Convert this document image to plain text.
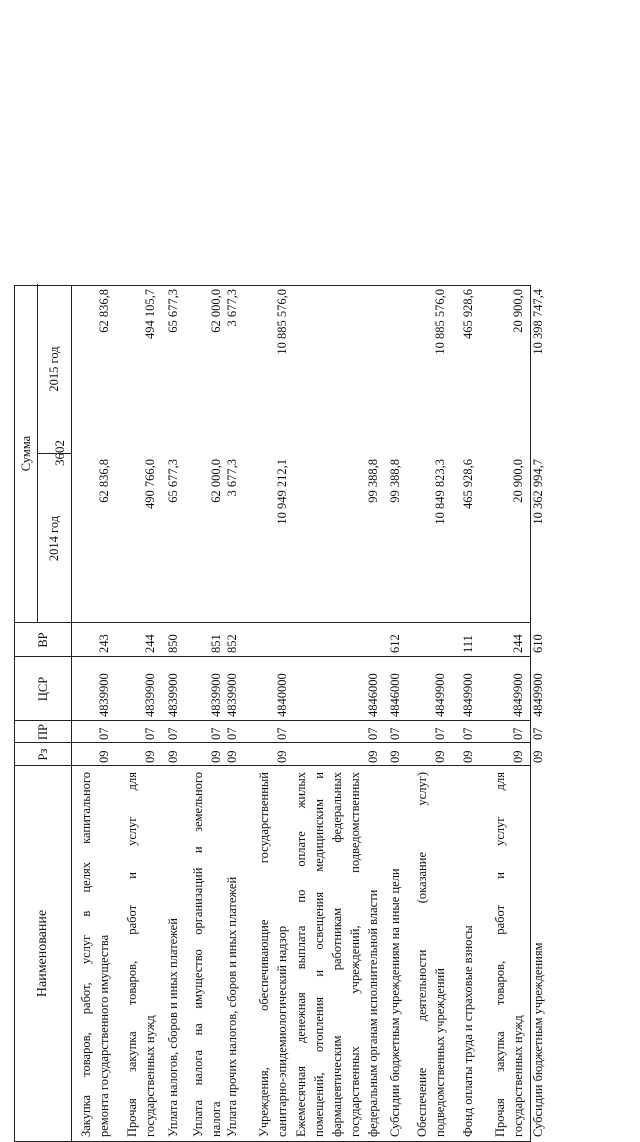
3602
Наименование
Рз
ПР
ЦСР
ВР
Сумма
2014 год
2015 год
Закупка товаров, работ, услуг в целях капитального ремонта государственного имущества
09
07
4839900
243
62 836,8
62 836,8
Прочая закупка товаров, работ и услуг для государственных нужд
09
07
4839900
244
490 766,0
494 105,7
Уплата налогов, сборов и иных платежей
09
07
4839900
850
65 677,3
65 677,3
Уплата налога на имущество организаций и земельного налога
09
07
4839900
851
62 000,0
62 000,0
Уплата прочих налогов, сборов и иных платежей
09
07
4839900
852
3 677,3
3 677,3
Учреждения, обеспечивающие государственный санитарно-эпидемиологический надзор
09
07
4840000
10 949 212,1
10 885 576,0
Ежемесячная денежная выплата по оплате жилых помещений, отопления и освещения медицинским и фармацевтическим работникам федеральных государственных учреждений, подведомственных федеральным органам исполнительной власти
09
07
4846000
99 388,8
Субсидии бюджетным учреждениям на иные цели
09
07
4846000
612
99 388,8
Обеспечение деятельности (оказание услуг) подведомственных учреждений
09
07
4849900
10 849 823,3
10 885 576,0
Фонд оплаты труда и страховые взносы
09
07
4849900
111
465 928,6
465 928,6
Прочая закупка товаров, работ и услуг для государственных нужд
09
07
4849900
244
20 900,0
20 900,0
Субсидии бюджетным учреждениям
09
07
4849900
610
10 362 994,7
10 398 747,4
